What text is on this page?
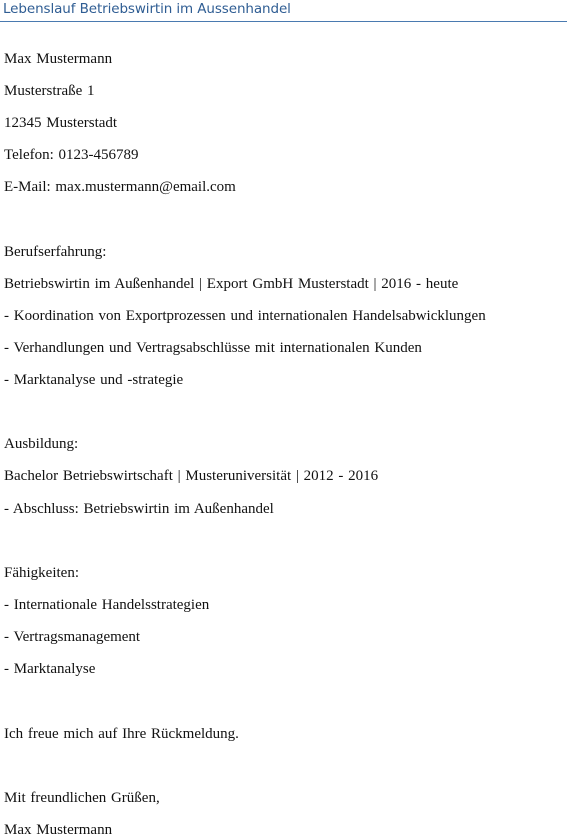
Lebenslauf Betriebswirtin im Aussenhandel
Max Mustermann
Musterstraße 1
12345 Musterstadt
Telefon: 0123-456789
E-Mail: max.mustermann@email.com
Berufserfahrung:
Betriebswirtin im Außenhandel | Export GmbH Musterstadt | 2016 - heute
- Koordination von Exportprozessen und internationalen Handelsabwicklungen
- Verhandlungen und Vertragsabschlüsse mit internationalen Kunden
- Marktanalyse und -strategie
Ausbildung:
Bachelor Betriebswirtschaft | Musteruniversität | 2012 - 2016
- Abschluss: Betriebswirtin im Außenhandel
Fähigkeiten:
- Internationale Handelsstrategien
- Vertragsmanagement
- Marktanalyse
Ich freue mich auf Ihre Rückmeldung.
Mit freundlichen Grüßen,
Max Mustermann
